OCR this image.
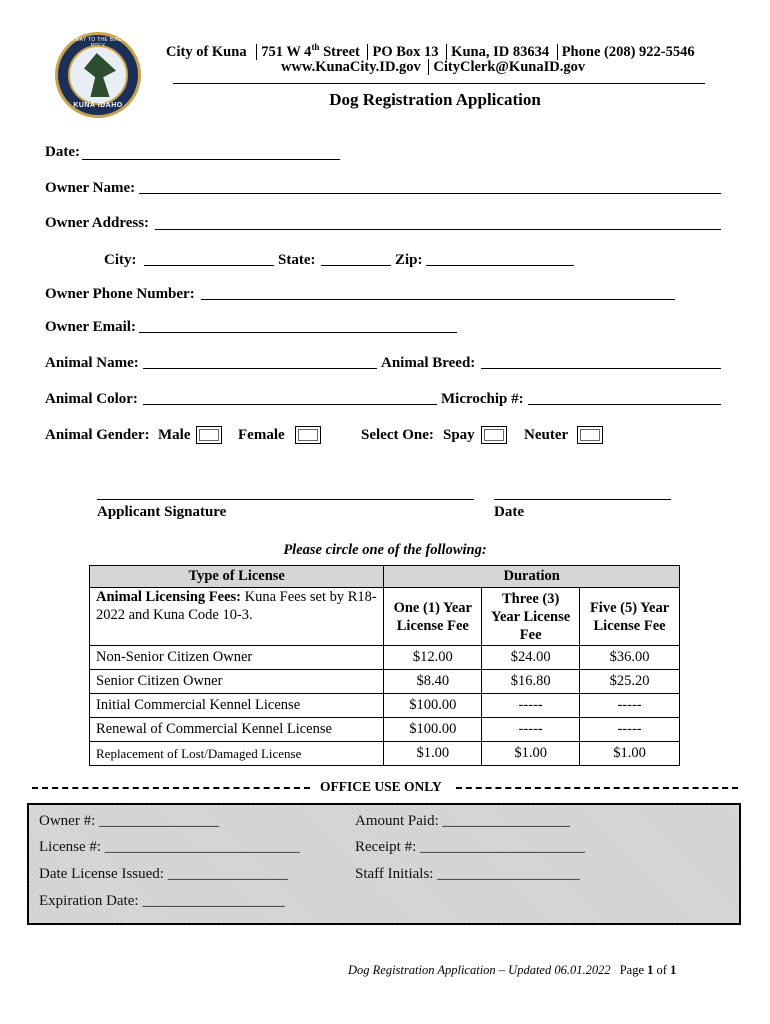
GATEWAY TO THE BIRDS OF
KUNA IDAHO
City of Kuna 751 W 4th Street PO Box 13 Kuna, ID 83634 Phone (208) 922-5546
www.KunaCity.ID.gov CityClerk@KunaID.gov
Dog Registration Application
Date:
Owner Name:
Owner Address:
City:	State:	Zip:
Owner Phone Number:
Owner Email:
Animal Name:	Animal Breed:
Animal Color:	Microchip #:
Animal Gender: Male	Female	Select One: Spay	Neuter
Applicant Signature	Date
Please circle one of the following:
Type of License	Duration		
Animal Licensing Fees: Kuna Fees set by R18-2022 and Kuna Code 10-3.	One (1) Year License Fee	Three (3) Year License Fee	Five (5) Year License Fee
Non-Senior Citizen Owner	$12.00	$24.00	$36.00
Senior Citizen Owner	$8.40	$16.80	$25.20
Initial Commercial Kennel License	$100.00	-----	-----
Renewal of Commercial Kennel License	$100.00	-----	-----
Replacement of Lost/Damaged License	$1.00	$1.00	$1.00
OFFICE USE ONLY
Owner #: ________________	Amount Paid: _________________
License #: __________________________	Receipt #: ______________________
Date License Issued: ________________	Staff Initials: ___________________
Expiration Date: ___________________
Dog Registration Application – Updated 06.01.2022 Page 1 of 1
